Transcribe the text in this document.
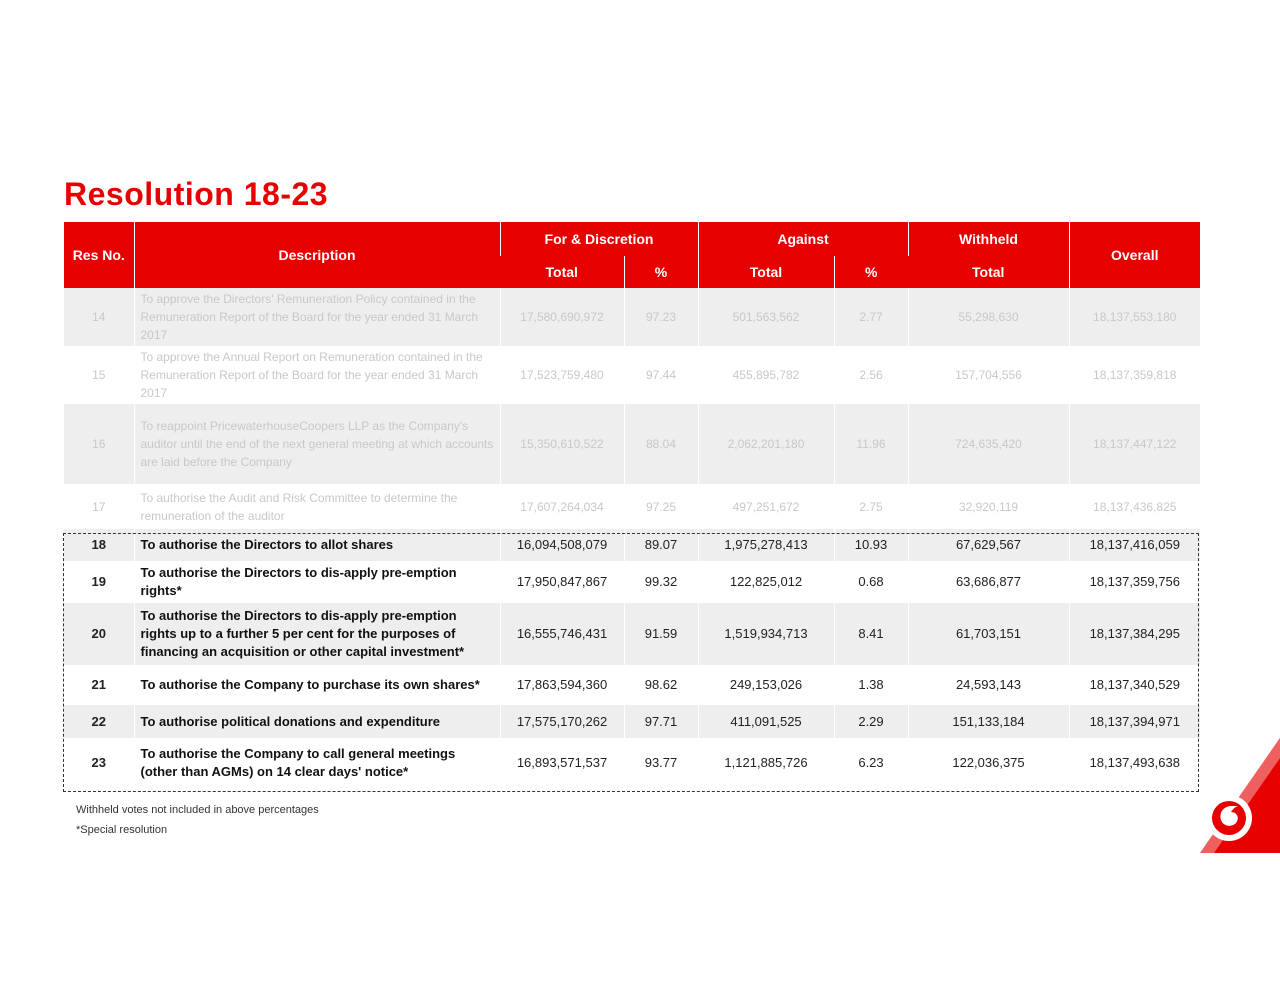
Resolution 18-23
Res No.	Description	For & Discretion		Against		Withheld	Overall
		Total	%	Total	%	Total	
14	To approve the Directors' Remuneration Policy contained in the Remuneration Report of the Board for the year ended 31 March 2017	17,580,690,972	97.23	501,563,562	2.77	55,298,630	18,137,553,180
15	To approve the Annual Report on Remuneration contained in the Remuneration Report of the Board for the year ended 31 March 2017	17,523,759,480	97.44	455,895,782	2.56	157,704,556	18,137,359,818
16	To reappoint PricewaterhouseCoopers LLP as the Company's auditor until the end of the next general meeting at which accounts are laid before the Company	15,350,610,522	88.04	2,062,201,180	11.96	724,635,420	18,137,447,122
17	To authorise the Audit and Risk Committee to determine the remuneration of the auditor	17,607,264,034	97.25	497,251,672	2.75	32,920,119	18,137,436,825
18	To authorise the Directors to allot shares	16,094,508,079	89.07	1,975,278,413	10.93	67,629,567	18,137,416,059
19	To authorise the Directors to dis-apply pre-emption rights*	17,950,847,867	99.32	122,825,012	0.68	63,686,877	18,137,359,756
20	To authorise the Directors to dis-apply pre-emption rights up to a further 5 per cent for the purposes of financing an acquisition or other capital investment*	16,555,746,431	91.59	1,519,934,713	8.41	61,703,151	18,137,384,295
21	To authorise the Company to purchase its own shares*	17,863,594,360	98.62	249,153,026	1.38	24,593,143	18,137,340,529
22	To authorise political donations and expenditure	17,575,170,262	97.71	411,091,525	2.29	151,133,184	18,137,394,971
23	To authorise the Company to call general meetings (other than AGMs) on 14 clear days' notice*	16,893,571,537	93.77	1,121,885,726	6.23	122,036,375	18,137,493,638
Withheld votes not included in above percentages
*Special resolution
